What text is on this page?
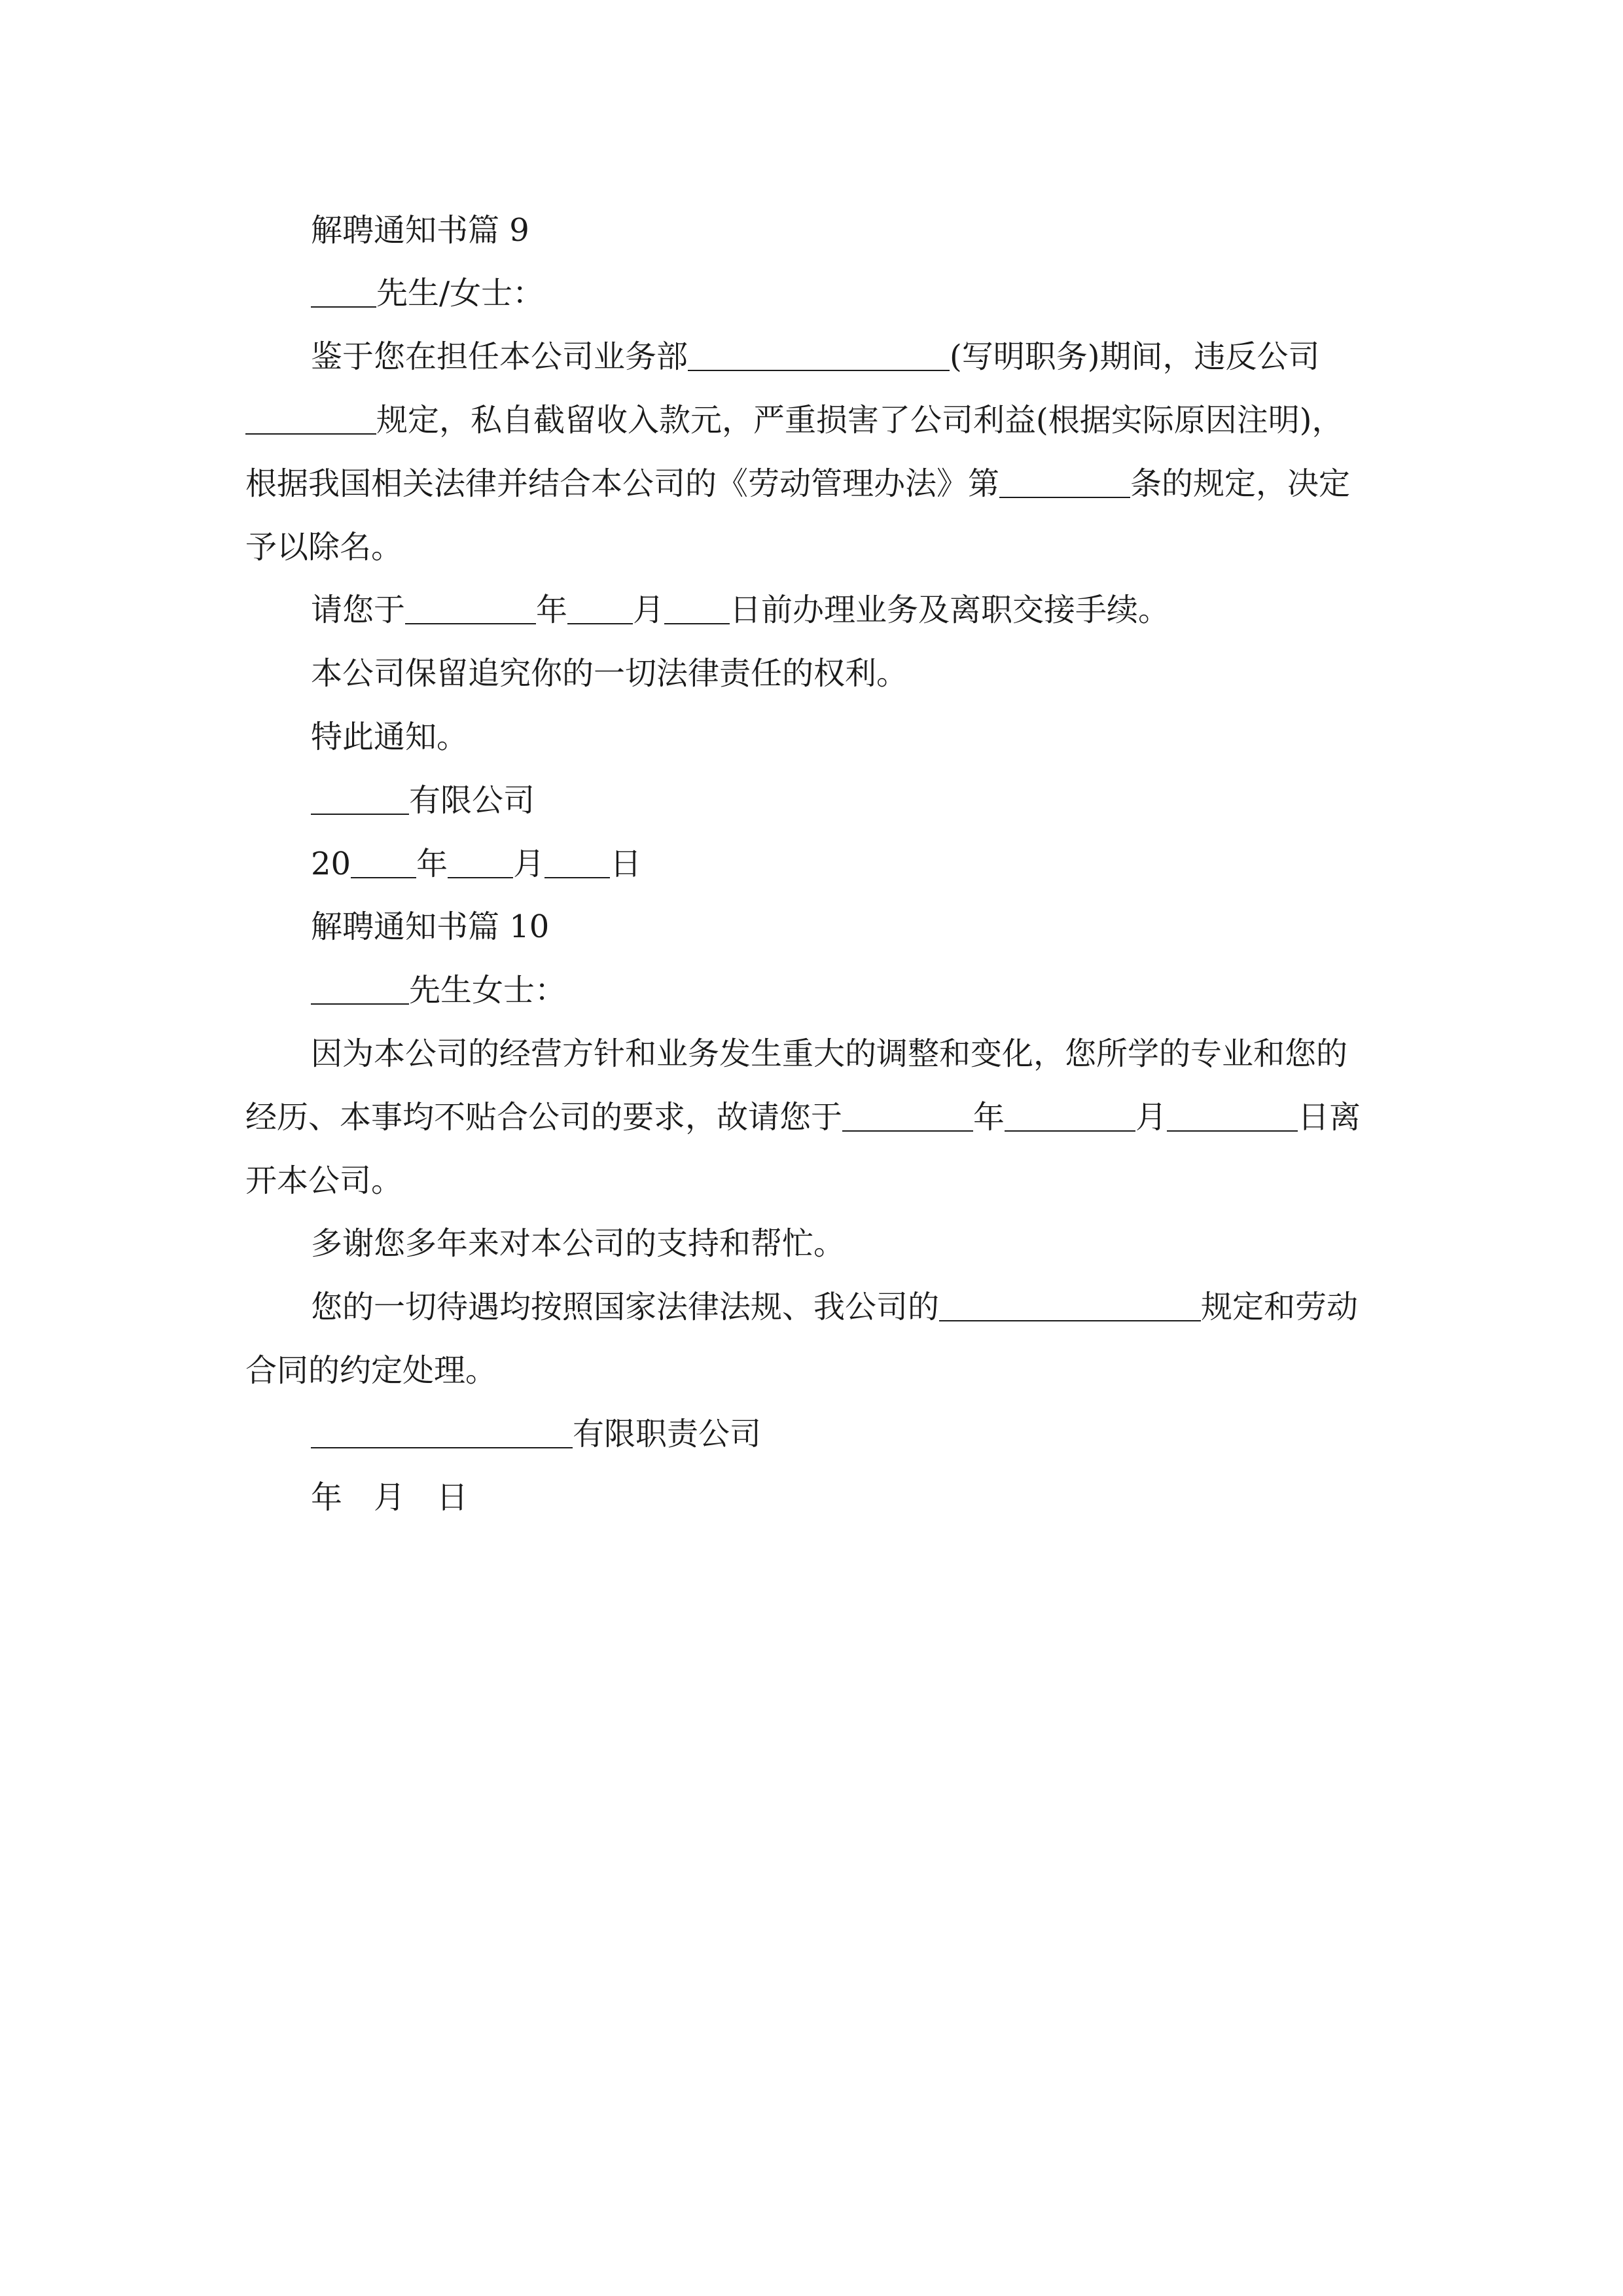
解聘通知书篇 9
先生/女士：
鉴于您在担任本公司业务部	(写明职务)期间，违反公司
规定，私自截留收入款元，严重损害了公司利益(根据实际原因注明)，
根据我国相关法律并结合本公司的《劳动管理办法》第	条的规定，决定
予以除名。
请您于	年 月 日前办理业务及离职交接手续。
本公司保留追究你的一切法律责任的权利。
特此通知。
有限公司
20 年 月 日
解聘通知书篇 10
先生女士：
因为本公司的经营方针和业务发生重大的调整和变化，您所学的专业和您的
经历、本事均不贴合公司的要求，故请您于	年	月	日离
开本公司。
多谢您多年来对本公司的支持和帮忙。
您的一切待遇均按照国家法律法规、我公司的	规定和劳动
合同的约定处理。
有限职责公司
年 月 日
